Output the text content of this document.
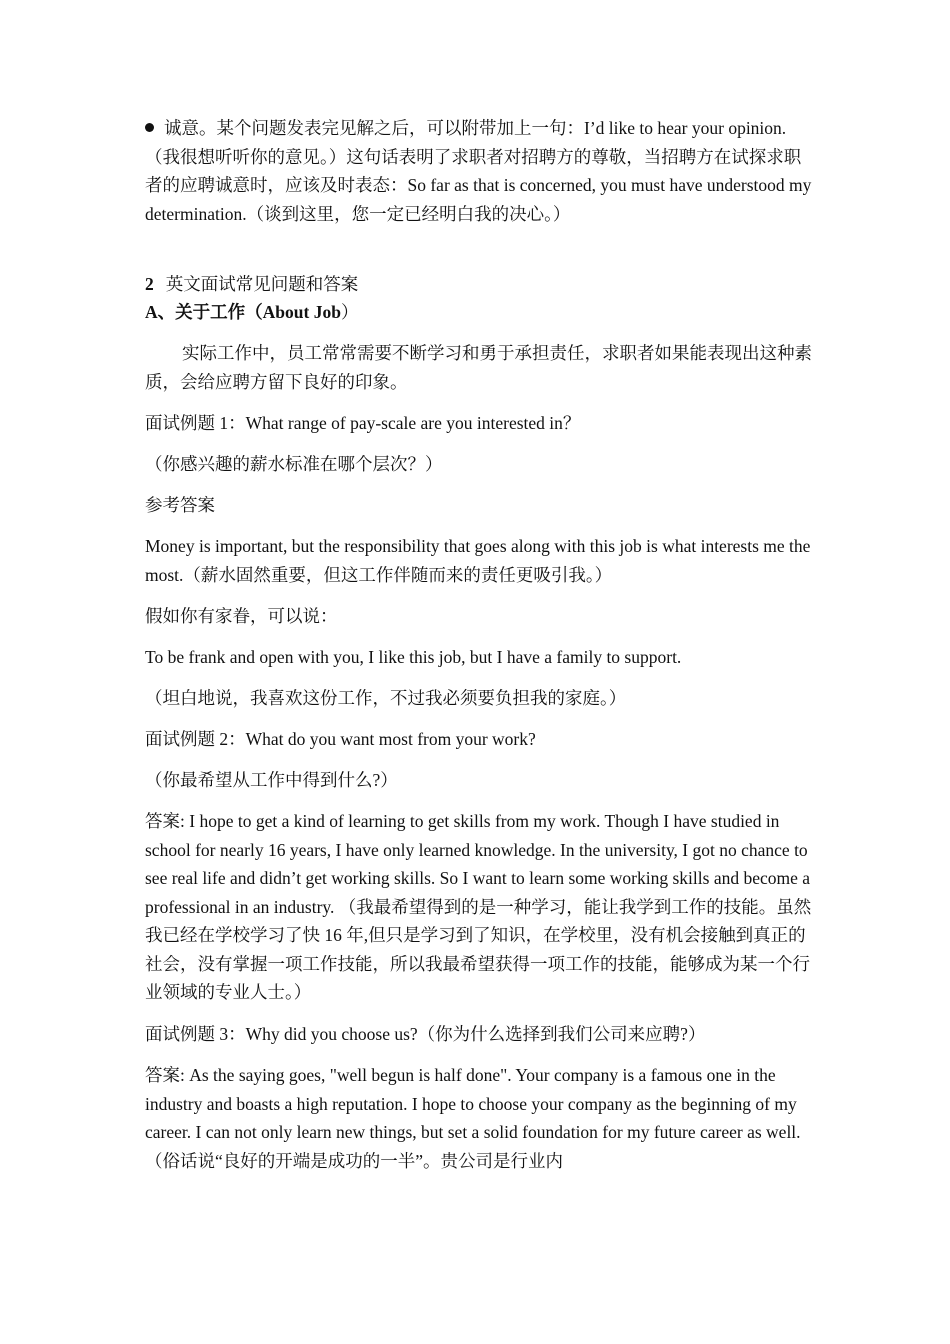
诚意。某个问题发表完见解之后，可以附带加上一句：I’d like to hear your opinion.（我很想听听你的意见。）这句话表明了求职者对招聘方的尊敬，当招聘方在试探求职者的应聘诚意时，应该及时表态：So far as that is concerned, you must have understood my determination.（谈到这里，您一定已经明白我的决心。）

2 英文面试常见问题和答案

A、关于工作（About Job）

实际工作中，员工常常需要不断学习和勇于承担责任，求职者如果能表现出这种素质，会给应聘方留下良好的印象。

面试例题 1：What range of pay-scale are you interested in？

（你感兴趣的薪水标准在哪个层次？）

参考答案

Money is important, but the responsibility that goes along with this job is what interests me the most.（薪水固然重要，但这工作伴随而来的责任更吸引我。）

假如你有家眷，可以说：

To be frank and open with you, I like this job, but I have a family to support.

（坦白地说，我喜欢这份工作，不过我必须要负担我的家庭。）

面试例题 2：What do you want most from your work?

（你最希望从工作中得到什么?）

答案: I hope to get a kind of learning to get skills from my work. Though I have studied in school for nearly 16 years, I have only learned knowledge. In the university, I got no chance to see real life and didn’t get working skills. So I want to learn some working skills and become a professional in an industry. （我最希望得到的是一种学习，能让我学到工作的技能。虽然我已经在学校学习了快 16 年,但只是学习到了知识，在学校里，没有机会接触到真正的社会，没有掌握一项工作技能，所以我最希望获得一项工作的技能，能够成为某一个行业领域的专业人士。）

面试例题 3：Why did you choose us?（你为什么选择到我们公司来应聘?）

答案: As the saying goes, "well begun is half done". Your company is a famous one in the industry and boasts a high reputation. I hope to choose your company as the beginning of my career. I can not only learn new things, but set a solid foundation for my future career as well. （俗话说“良好的开端是成功的一半”。贵公司是行业内
